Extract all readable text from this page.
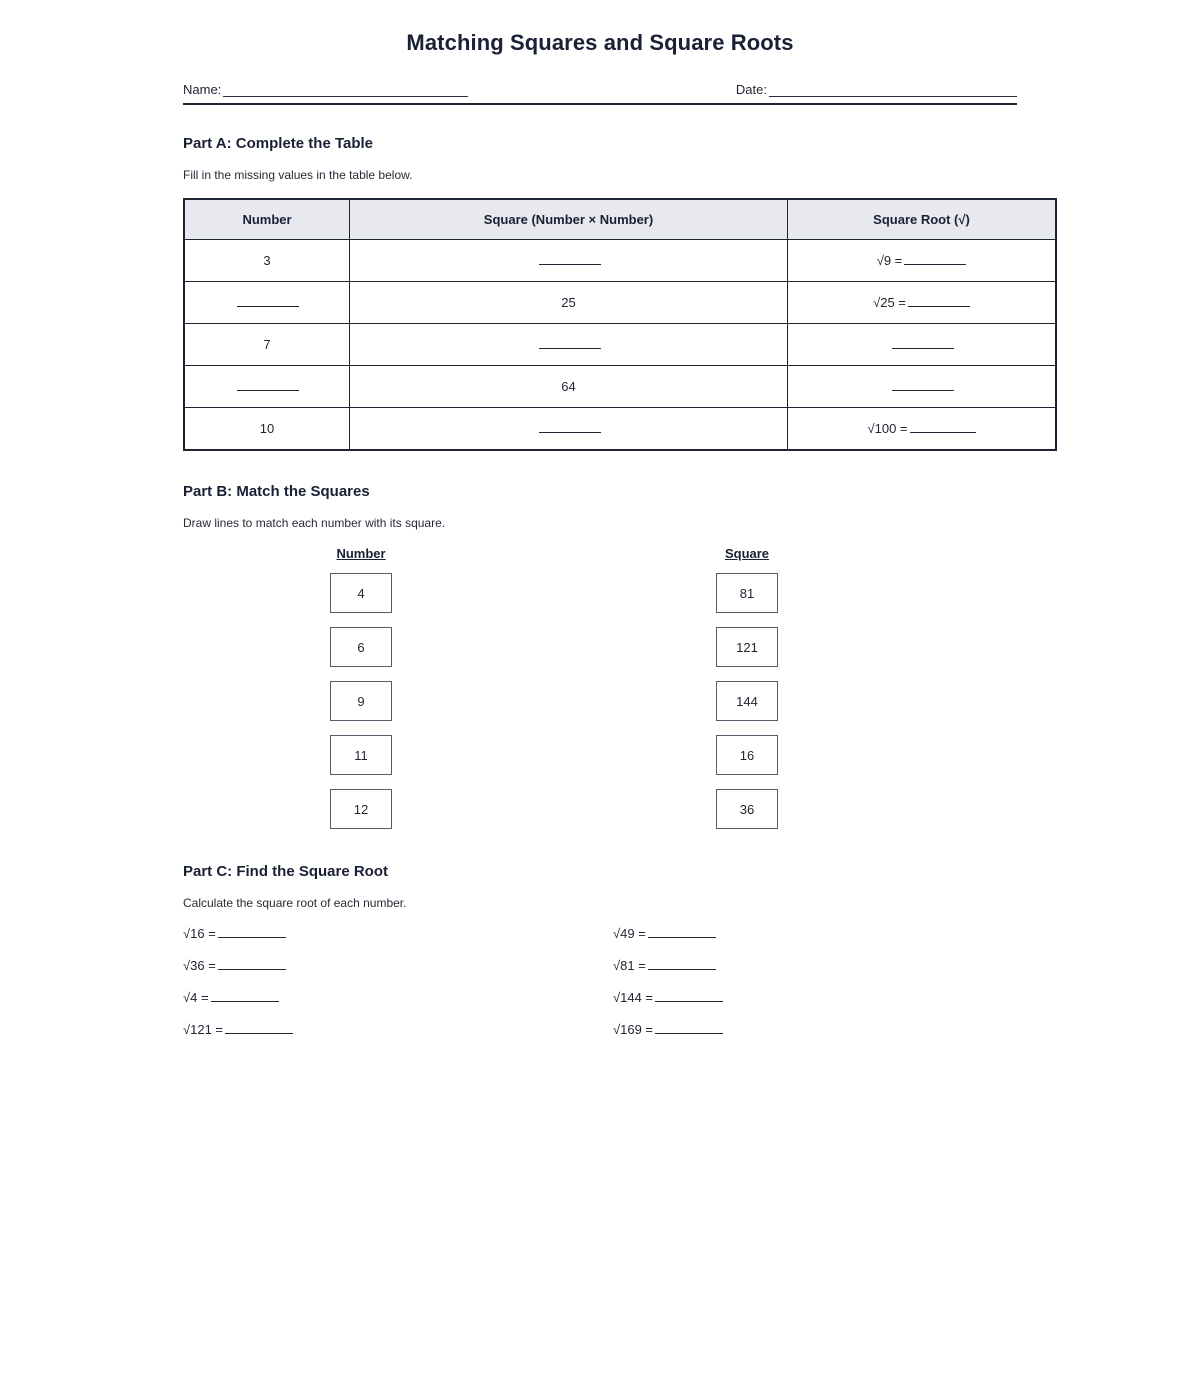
Matching Squares and Square Roots
Name:	Date:
Part A: Complete the Table

Fill in the missing values in the table below.

Number	Square (Number × Number)	Square Root (√)
3		√9 =
	25	√25 =
7		
	64	
10		√100 =
Part B: Match the Squares

Draw lines to match each number with its square.

Number
4
6
9
11
12
Square
81
121
144
16
36
Part C: Find the Square Root

Calculate the square root of each number.

√16 =
√36 =
√4 =
√121 =
√49 =
√81 =
√144 =
√169 =
